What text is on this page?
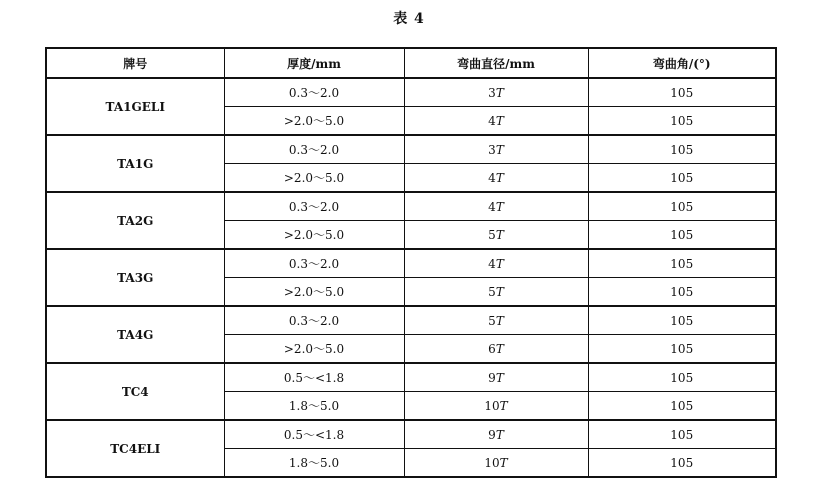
表 4
牌号	厚度/mm	弯曲直径/mm	弯曲角/(°)
TA1GELI	0.3～2.0	3T	105
	>2.0～5.0	4T	105
TA1G	0.3～2.0	3T	105
	>2.0～5.0	4T	105
TA2G	0.3～2.0	4T	105
	>2.0～5.0	5T	105
TA3G	0.3～2.0	4T	105
	>2.0～5.0	5T	105
TA4G	0.3～2.0	5T	105
	>2.0～5.0	6T	105
TC4	0.5～<1.8	9T	105
	1.8～5.0	10T	105
TC4ELI	0.5～<1.8	9T	105
	1.8～5.0	10T	105
